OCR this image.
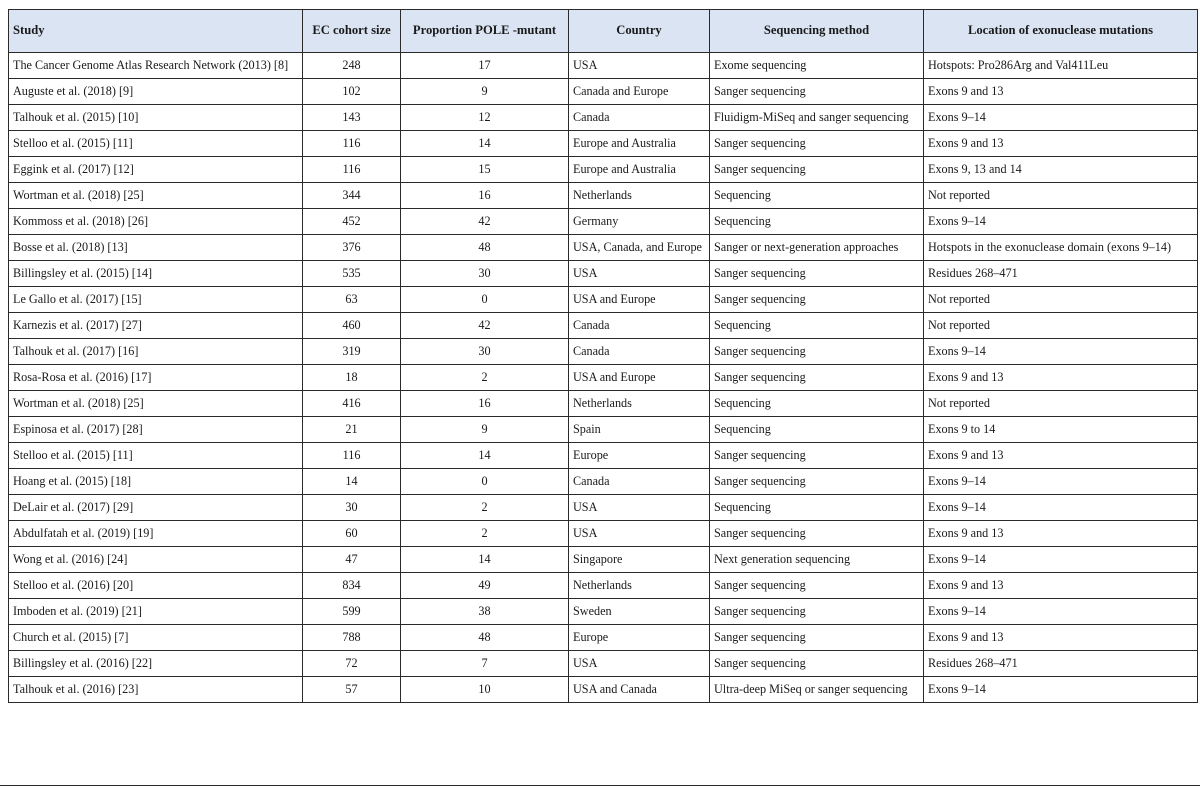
Study	EC cohort size	Proportion POLE -mutant	Country	Sequencing method	Location of exonuclease mutations
The Cancer Genome Atlas Research Network (2013) [8]	248	17	USA	Exome sequencing	Hotspots: Pro286Arg and Val411Leu
Auguste et al. (2018) [9]	102	9	Canada and Europe	Sanger sequencing	Exons 9 and 13
Talhouk et al. (2015) [10]	143	12	Canada	Fluidigm-MiSeq and sanger sequencing	Exons 9–14
Stelloo et al. (2015) [11]	116	14	Europe and Australia	Sanger sequencing	Exons 9 and 13
Eggink et al. (2017) [12]	116	15	Europe and Australia	Sanger sequencing	Exons 9, 13 and 14
Wortman et al. (2018) [25]	344	16	Netherlands	Sequencing	Not reported
Kommoss et al. (2018) [26]	452	42	Germany	Sequencing	Exons 9–14
Bosse et al. (2018) [13]	376	48	USA, Canada, and Europe	Sanger or next-generation approaches	Hotspots in the exonuclease domain (exons 9–14)
Billingsley et al. (2015) [14]	535	30	USA	Sanger sequencing	Residues 268–471
Le Gallo et al. (2017) [15]	63	0	USA and Europe	Sanger sequencing	Not reported
Karnezis et al. (2017) [27]	460	42	Canada	Sequencing	Not reported
Talhouk et al. (2017) [16]	319	30	Canada	Sanger sequencing	Exons 9–14
Rosa-Rosa et al. (2016) [17]	18	2	USA and Europe	Sanger sequencing	Exons 9 and 13
Wortman et al. (2018) [25]	416	16	Netherlands	Sequencing	Not reported
Espinosa et al. (2017) [28]	21	9	Spain	Sequencing	Exons 9 to 14
Stelloo et al. (2015) [11]	116	14	Europe	Sanger sequencing	Exons 9 and 13
Hoang et al. (2015) [18]	14	0	Canada	Sanger sequencing	Exons 9–14
DeLair et al. (2017) [29]	30	2	USA	Sequencing	Exons 9–14
Abdulfatah et al. (2019) [19]	60	2	USA	Sanger sequencing	Exons 9 and 13
Wong et al. (2016) [24]	47	14	Singapore	Next generation sequencing	Exons 9–14
Stelloo et al. (2016) [20]	834	49	Netherlands	Sanger sequencing	Exons 9 and 13
Imboden et al. (2019) [21]	599	38	Sweden	Sanger sequencing	Exons 9–14
Church et al. (2015) [7]	788	48	Europe	Sanger sequencing	Exons 9 and 13
Billingsley et al. (2016) [22]	72	7	USA	Sanger sequencing	Residues 268–471
Talhouk et al. (2016) [23]	57	10	USA and Canada	Ultra-deep MiSeq or sanger sequencing	Exons 9–14
